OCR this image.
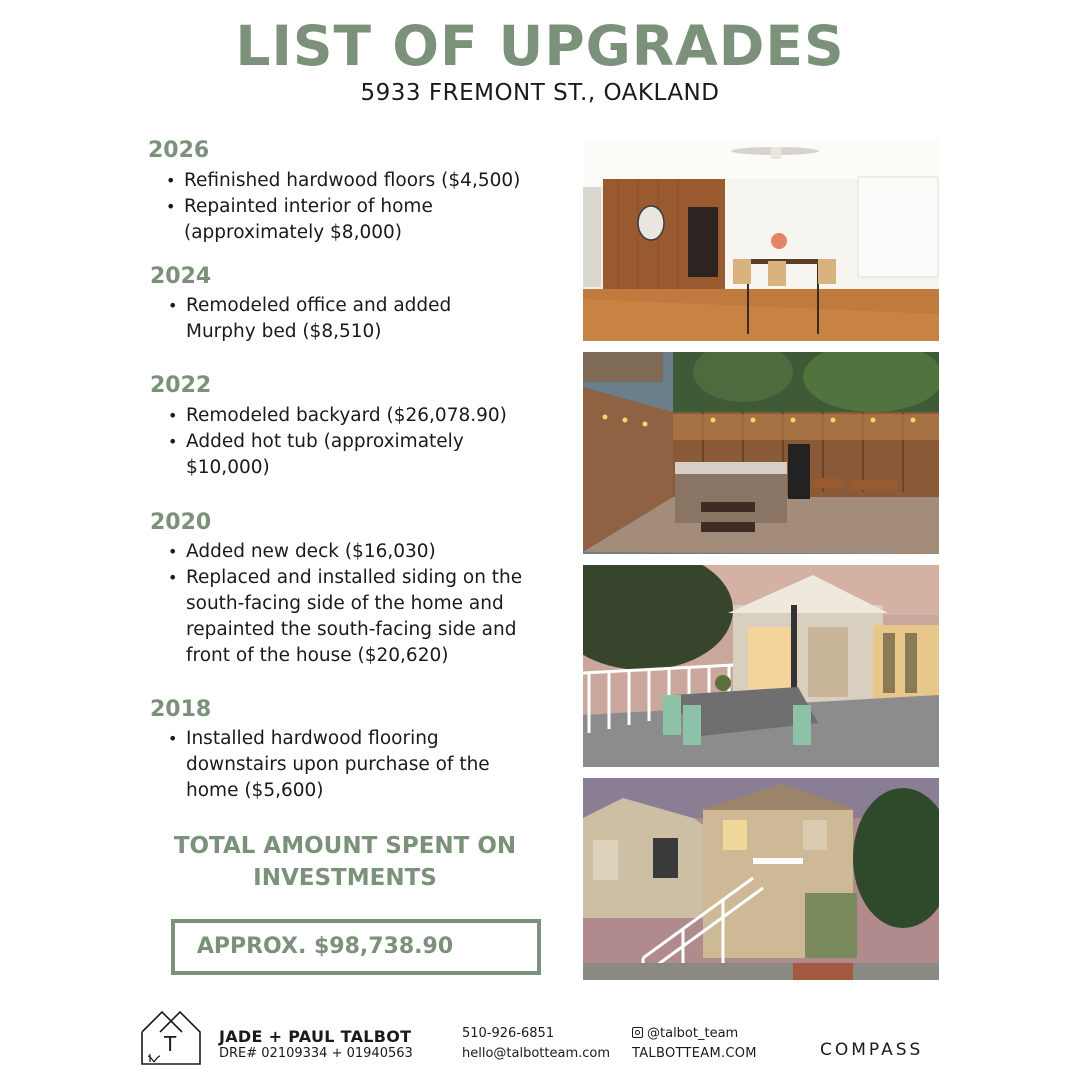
LIST OF UPGRADES
5933 FREMONT ST., OAKLAND
2026
• Refinished hardwood floors ($4,500)
• Repainted interior of home
(approximately $8,000)
2024
• Remodeled office and added
Murphy bed ($8,510)
2022
• Remodeled backyard ($26,078.90)
• Added hot tub (approximately
$10,000)
2020
• Added new deck ($16,030)
• Replaced and installed siding on the
south-facing side of the home and
repainted the south-facing side and
front of the house ($20,620)
2018
• Installed hardwood flooring
downstairs upon purchase of the
home ($5,600)
TOTAL AMOUNT SPENT ON
INVESTMENTS
APPROX. $98,738.90
T	JADE + PAUL TALBOT
DRE# 02109334 + 01940563
510-926-6851
hello@talbotteam.com
@talbot_team
TALBOTTEAM.COM	COMPASS
